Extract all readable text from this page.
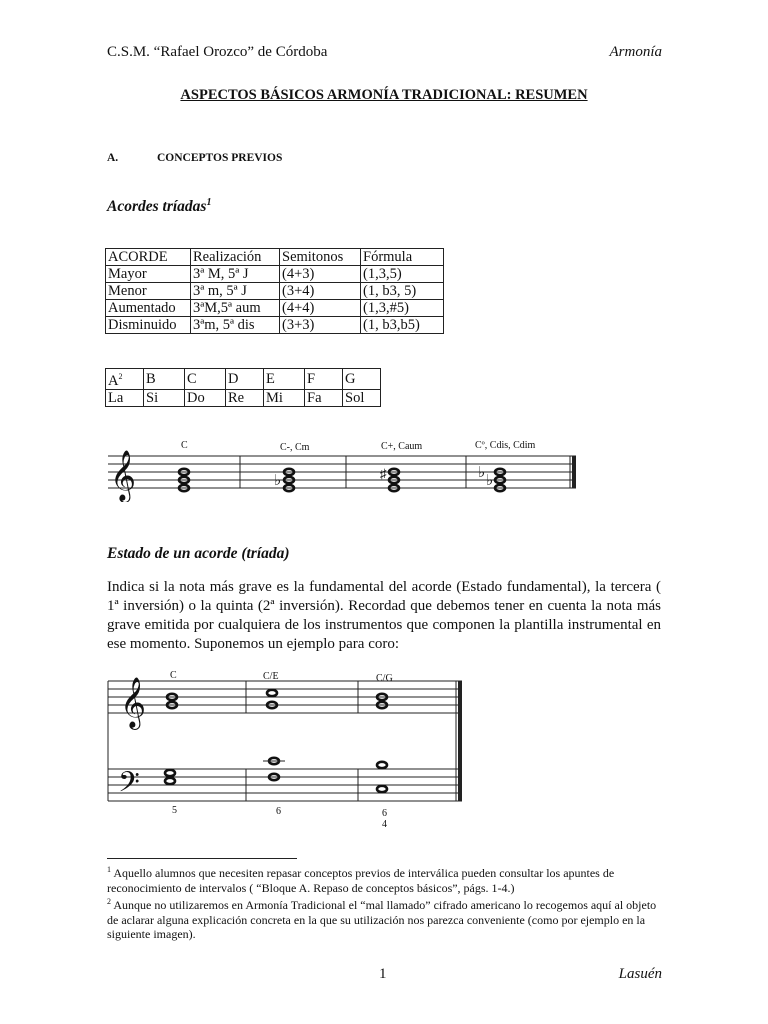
C.S.M. “Rafael Orozco” de Córdoba	Armonía
ASPECTOS BÁSICOS ARMONÍA TRADICIONAL: RESUMEN
A.	CONCEPTOS PREVIOS
Acordes tríadas$^1$
ACORDE	Realización	Semitonos	Fórmula
Mayor	3ª M, 5ª J	(4+3)	(1,3,5)
Menor	3ª m, 5ª J	(3+4)	(1, b3, 5)
Aumentado	3ªM,5ª aum	(4+4)	(1,3,#5)
Disminuido	3ªm, 5ª dis	(3+3)	(1, b3,b5)
$A^2$	B	C	D	E	F	G
La	Si	Do	Re	Mi	Fa	Sol
𝄞
C	C-, Cm	C+, Caum	Cº, Cdis, Cdim
♭	♯	♭ ♭
Estado de un acorde (tríada)
Indica si la nota más grave es la fundamental del acorde (Estado fundamental), la tercera ( 1ª inversión) o la quinta (2ª inversión). Recordad que debemos tener en cuenta la nota más grave emitida por cualquiera de los instrumentos que componen la plantilla instrumental en ese momento. Suponemos un ejemplo para coro:
𝄞
𝄢
C	C/E	C/G
5	6	6
4
$^1$ Aquello alumnos que necesiten repasar conceptos previos de interválica pueden consultar los apuntes de reconocimiento de intervalos ( “Bloque A. Repaso de conceptos básicos”, págs. 1-4.)
$^2$ Aunque no utilizaremos en Armonía Tradicional el “mal llamado” cifrado americano lo recogemos aquí al objeto de aclarar alguna explicación concreta en la que su utilización nos parezca conveniente (como por ejemplo en la siguiente imagen).
1	Lasuén
